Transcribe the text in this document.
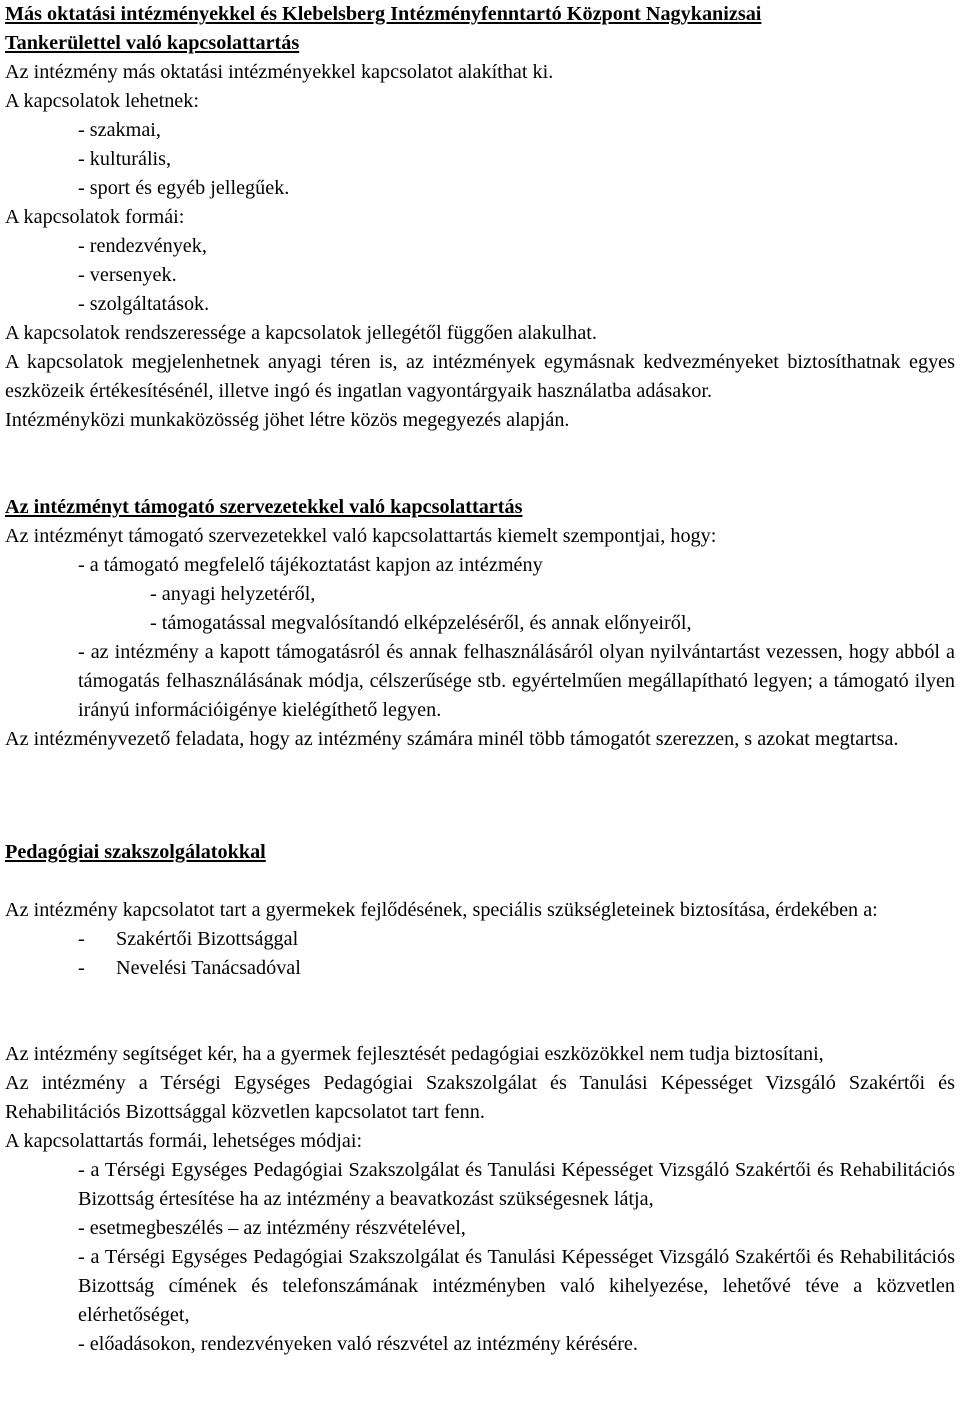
Más oktatási intézményekkel és Klebelsberg Intézményfenntartó Központ Nagykanizsai

Tankerülettel való kapcsolattartás

Az intézmény más oktatási intézményekkel kapcsolatot alakíthat ki.

A kapcsolatok lehetnek:

- szakmai,

- kulturális,

- sport és egyéb jellegűek.

A kapcsolatok formái:

- rendezvények,

- versenyek.

- szolgáltatások.

A kapcsolatok rendszeressége a kapcsolatok jellegétől függően alakulhat.

A kapcsolatok megjelenhetnek anyagi téren is, az intézmények egymásnak kedvezményeket biztosíthatnak egyes eszközeik értékesítésénél, illetve ingó és ingatlan vagyontárgyaik használatba adásakor.

Intézményközi munkaközösség jöhet létre közös megegyezés alapján.

Az intézményt támogató szervezetekkel való kapcsolattartás

Az intézményt támogató szervezetekkel való kapcsolattartás kiemelt szempontjai, hogy:

- a támogató megfelelő tájékoztatást kapjon az intézmény

- anyagi helyzetéről,

- támogatással megvalósítandó elképzeléséről, és annak előnyeiről,

- az intézmény a kapott támogatásról és annak felhasználásáról olyan nyilvántartást vezessen, hogy abból a támogatás felhasználásának módja, célszerűsége stb. egyértelműen megállapítható legyen; a támogató ilyen irányú információigénye kielégíthető legyen.

Az intézményvezető feladata, hogy az intézmény számára minél több támogatót szerezzen, s azokat megtartsa.

Pedagógiai szakszolgálatokkal

Az intézmény kapcsolatot tart a gyermekek fejlődésének, speciális szükségleteinek biztosítása, érdekében a:

- Szakértői Bizottsággal

- Nevelési Tanácsadóval

Az intézmény segítséget kér, ha a gyermek fejlesztését pedagógiai eszközökkel nem tudja biztosítani,

Az intézmény a Térségi Egységes Pedagógiai Szakszolgálat és Tanulási Képességet Vizsgáló Szakértői és Rehabilitációs Bizottsággal közvetlen kapcsolatot tart fenn.

A kapcsolattartás formái, lehetséges módjai:

- a Térségi Egységes Pedagógiai Szakszolgálat és Tanulási Képességet Vizsgáló Szakértői és Rehabilitációs Bizottság értesítése ha az intézmény a beavatkozást szükségesnek látja,

- esetmegbeszélés – az intézmény részvételével,

- a Térségi Egységes Pedagógiai Szakszolgálat és Tanulási Képességet Vizsgáló Szakértői és Rehabilitációs Bizottság címének és telefonszámának intézményben való kihelyezése, lehetővé téve a közvetlen elérhetőséget,

- előadásokon, rendezvényeken való részvétel az intézmény kérésére.
